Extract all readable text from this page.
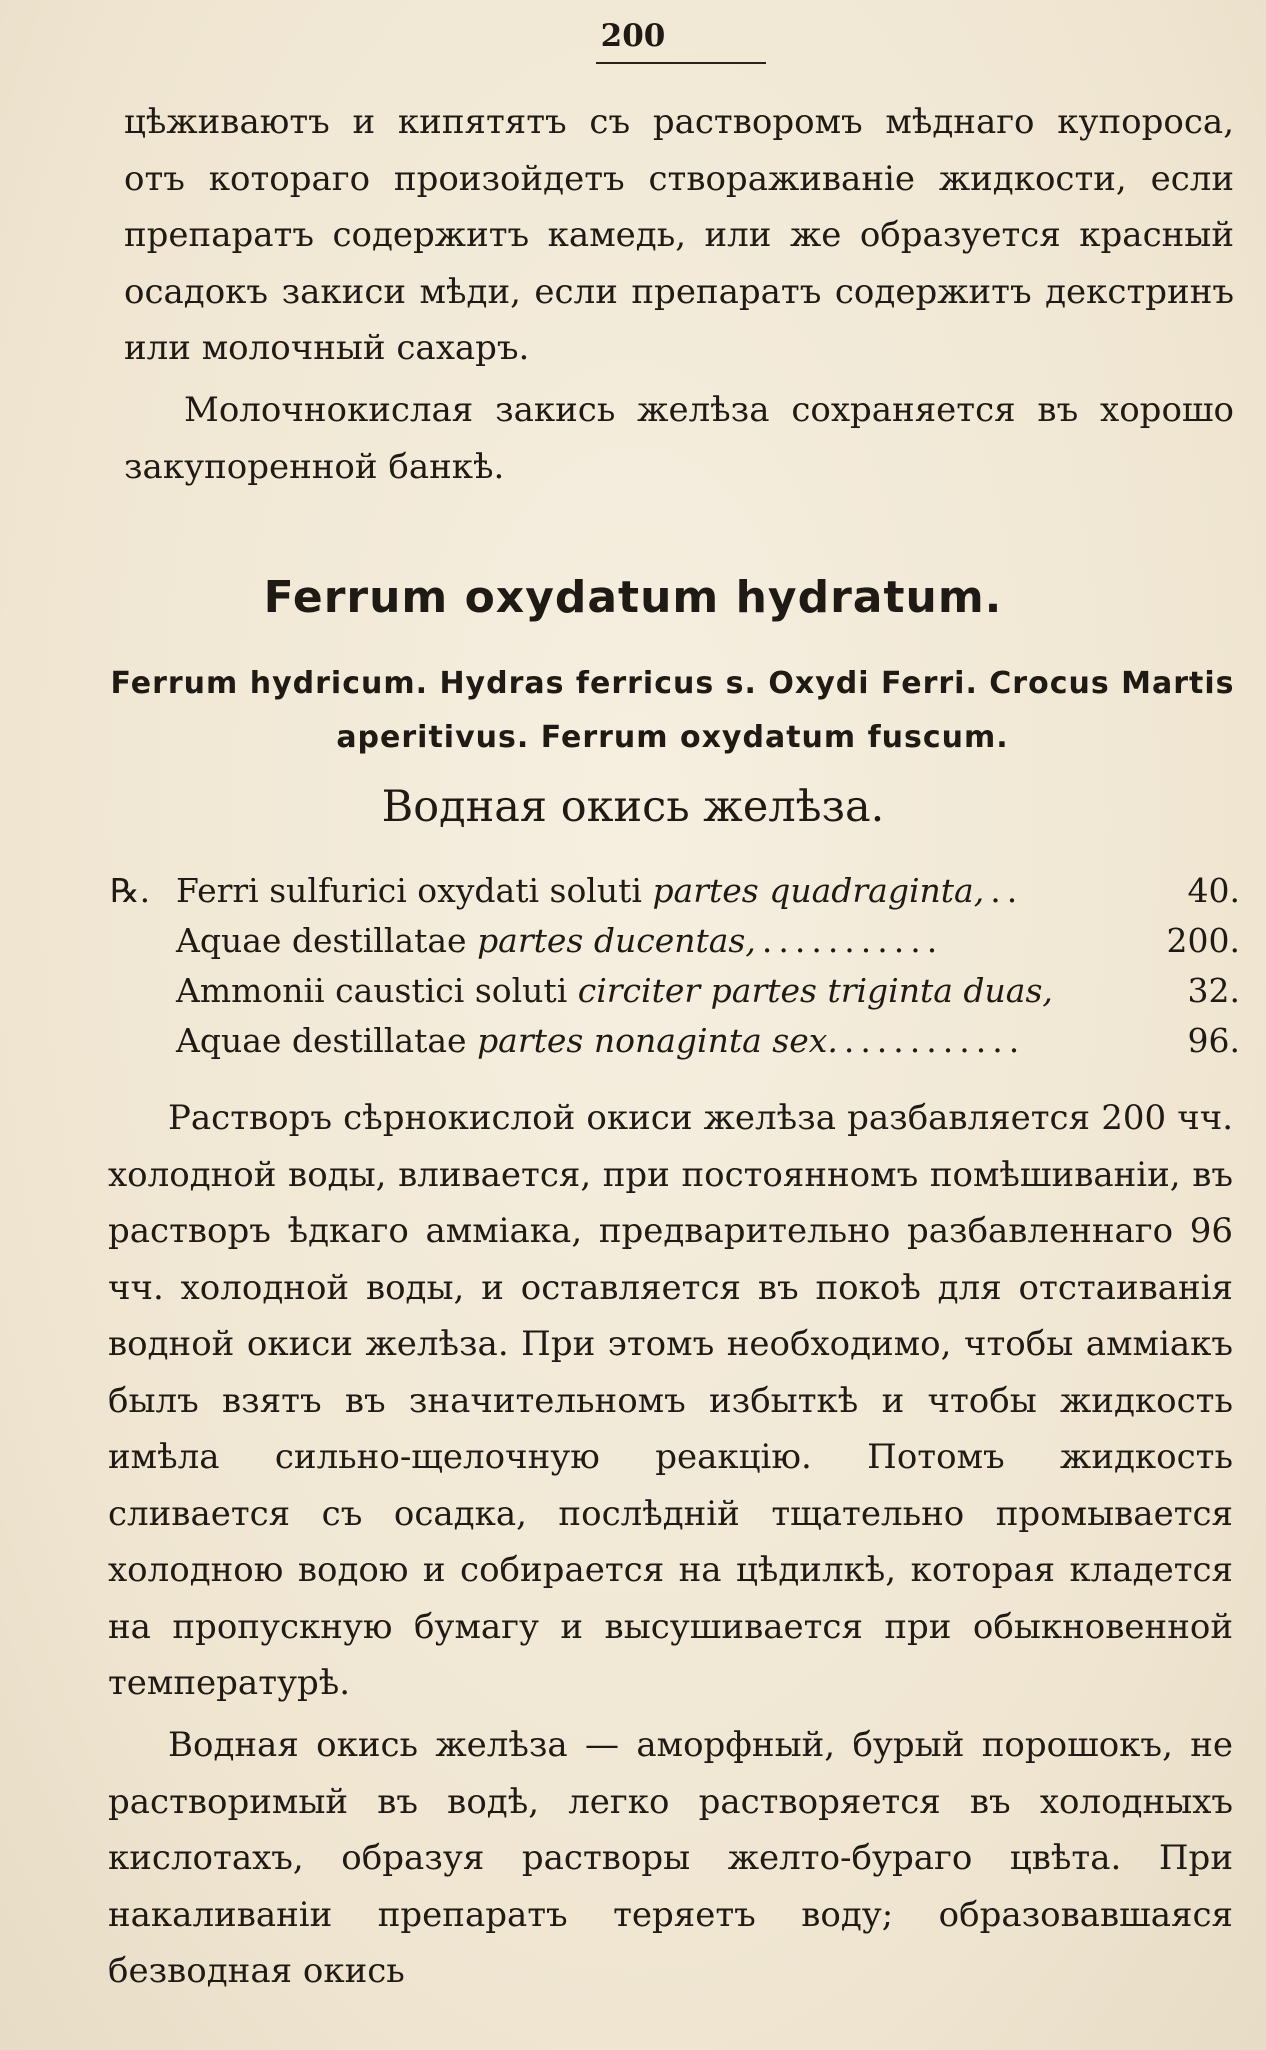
200

цѣживаютъ и кипятятъ съ растворомъ мѣднаго купороса, отъ котораго произойдетъ створаживаніе жидкости, если препаратъ содержитъ камедь, или же образуется красный осадокъ закиси мѣди, если препаратъ содержитъ декстринъ или молочный сахаръ.

Молочнокислая закись желѣза сохраняется въ хорошо закупоренной банкѣ.

Ferrum oxydatum hydratum.
Ferrum hydricum. Hydras ferricus s. Oxydi Ferri. Crocus Martis aperitivus. Ferrum oxydatum fuscum.
Водная окись желѣза.
℞. Ferri sulfurici oxydati soluti partes quadraginta, ..	40.
Aquae destillatae partes ducentas, ...........	200.
Ammonii caustici soluti circiter partes triginta duas,	32.
Aquae destillatae partes nonaginta sex. ...........	96.

Растворъ сѣрнокислой окиси желѣза разбавляется 200 чч. холодной воды, вливается, при постоянномъ помѣшиваніи, въ растворъ ѣдкаго амміака, предварительно разбавленнаго 96 чч. холодной воды, и оставляется въ покоѣ для отстаиванія водной окиси желѣза. При этомъ необходимо, чтобы амміакъ былъ взятъ въ значительномъ избыткѣ и чтобы жидкость имѣла сильно-щелочную реакцію. Потомъ жидкость сливается съ осадка, послѣдній тщательно промывается холодною водою и собирается на цѣдилкѣ, которая кладется на пропускную бумагу и высушивается при обыкновенной температурѣ.

Водная окись желѣза — аморфный, бурый порошокъ, не растворимый въ водѣ, легко растворяется въ холодныхъ кислотахъ, образуя растворы желто-бураго цвѣта. При накаливаніи препаратъ теряетъ воду; образовавшаяся безводная окись
